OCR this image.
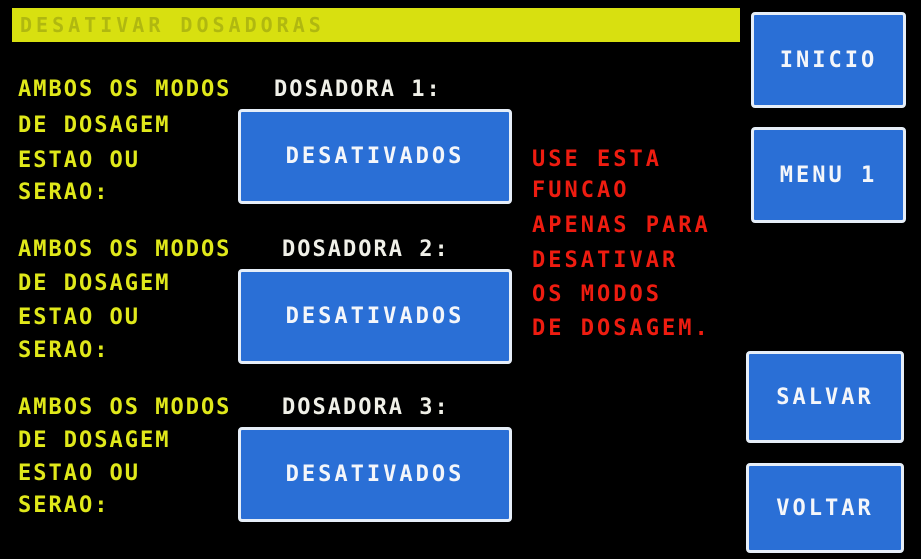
DESATIVAR DOSADORAS
AMBOS OS MODOS DOSADORA 1:
DE DOSAGEM
ESTAO OU
SERAO:
DESATIVADOS
AMBOS OS MODOS DOSADORA 2:
DE DOSAGEM
ESTAO OU
SERAO:
DESATIVADOS
AMBOS OS MODOS DOSADORA 3:
DE DOSAGEM
ESTAO OU
SERAO:
DESATIVADOS
USE ESTA
FUNCAO
APENAS PARA
DESATIVAR
OS MODOS
DE DOSAGEM.
INICIO
MENU 1
SALVAR
VOLTAR
